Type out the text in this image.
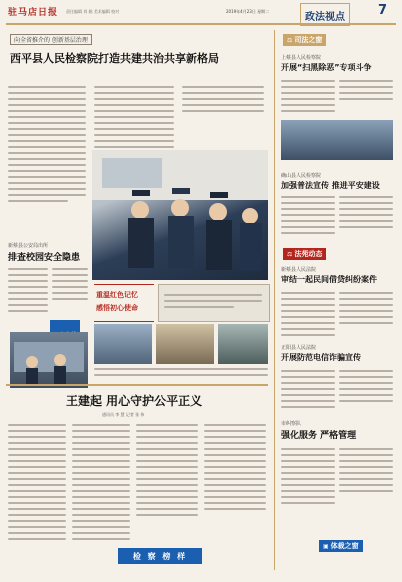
驻马店日报 责任编辑 刘 娟 美术编辑 校对	2019年4月23日 星期二
政法视点	7
向全省推介的 创新基层治理
西平县人民检察院打造共建共治共享新格局
新蔡县公安局出所
排查校园安全隐患
重温红色记忆
感悟初心使命
王建起 用心守护公平正义
通讯员 李 慧 记者 张 伟
检 察 榜 样
⚖ 司法之窗
上蔡县人民检察院
开展“扫黑除恶”专项斗争
确山县人民检察院
加强普法宣传 推进平安建设
⚖ 法苑动态
新蔡县人民法院
审结一起民间借贷纠纷案件
正阳县人民法院
开展防范电信诈骗宣传
市纠察队
强化服务 严格管理
▣ 体裁之窗
